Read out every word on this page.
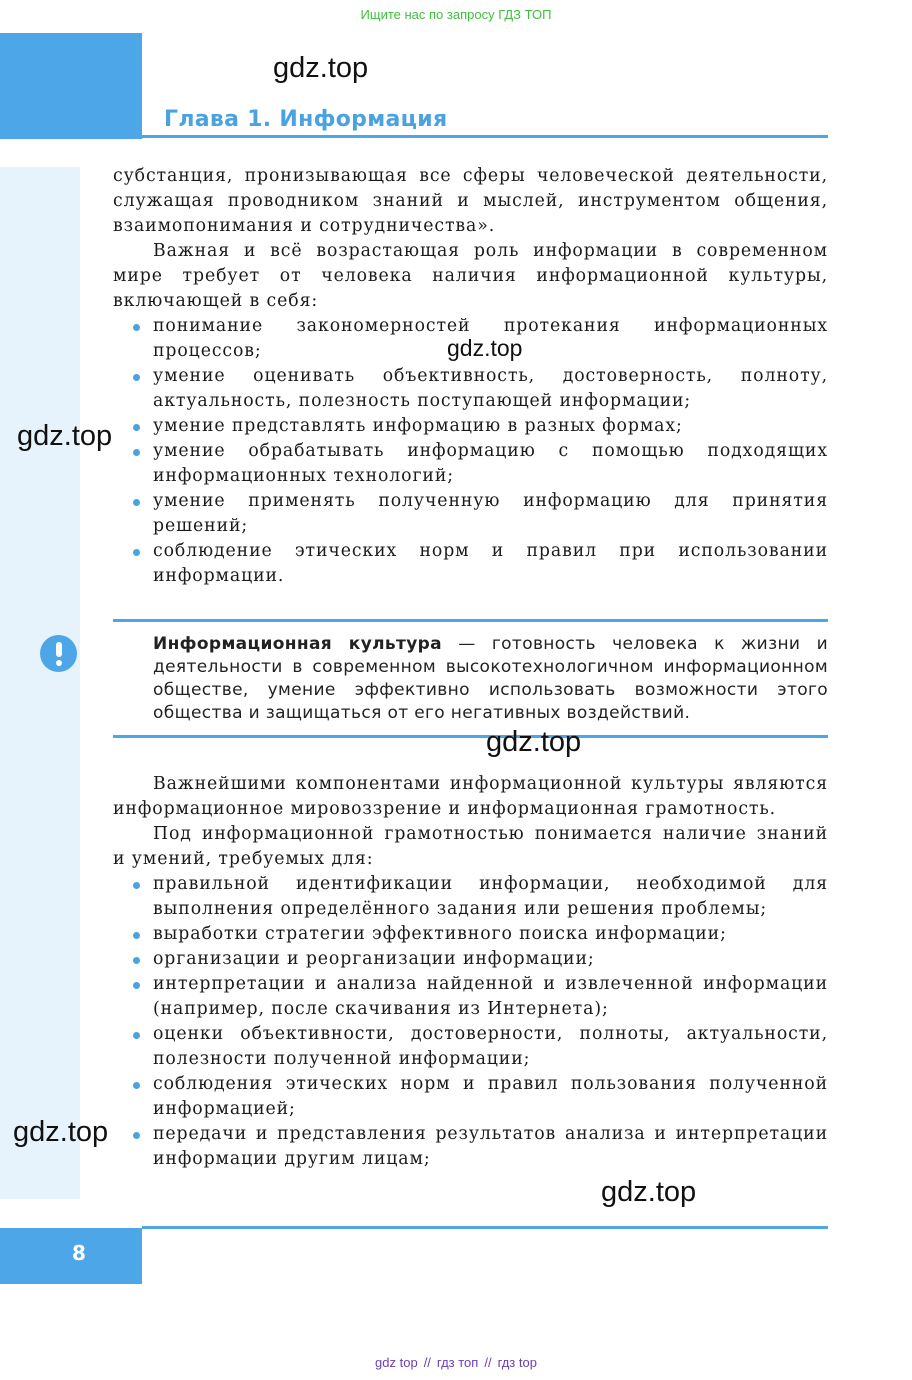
Ищите нас по запросу ГДЗ ТОП
gdz.top
Глава 1. Информация
субстанция, пронизывающая все сферы человеческой деятельности, служащая проводником знаний и мыслей, инструментом общения, взаимопонимания и сотрудничества».
Важная и всё возрастающая роль информации в современном мире требует от человека наличия информационной культуры, включающей в себя:
понимание закономерностей протекания информационных процессов;
умение оценивать объективность, достоверность, полноту, актуальность, полезность поступающей информации;
умение представлять информацию в разных формах;
умение обрабатывать информацию с помощью подходящих информационных технологий;
умение применять полученную информацию для принятия решений;
соблюдение этических норм и правил при использовании информации.
gdz.top
gdz.top
Информационная культура — готовность человека к жизни и деятельности в современном высокотехнологичном информационном обществе, умение эффективно использовать возможности этого общества и защищаться от его негативных воздействий.
gdz.top
Важнейшими компонентами информационной культуры являются информационное мировоззрение и информационная грамотность.
Под информационной грамотностью понимается наличие знаний и умений, требуемых для:
правильной идентификации информации, необходимой для выполнения определённого задания или решения проблемы;
выработки стратегии эффективного поиска информации;
организации и реорганизации информации;
интерпретации и анализа найденной и извлеченной информации (например, после скачивания из Интернета);
оценки объективности, достоверности, полноты, актуальности, полезности полученной информации;
соблюдения этических норм и правил пользования полученной информацией;
передачи и представления результатов анализа и интерпретации информации другим лицам;
gdz.top
gdz.top
8
gdz top // гдз топ // гдз top
